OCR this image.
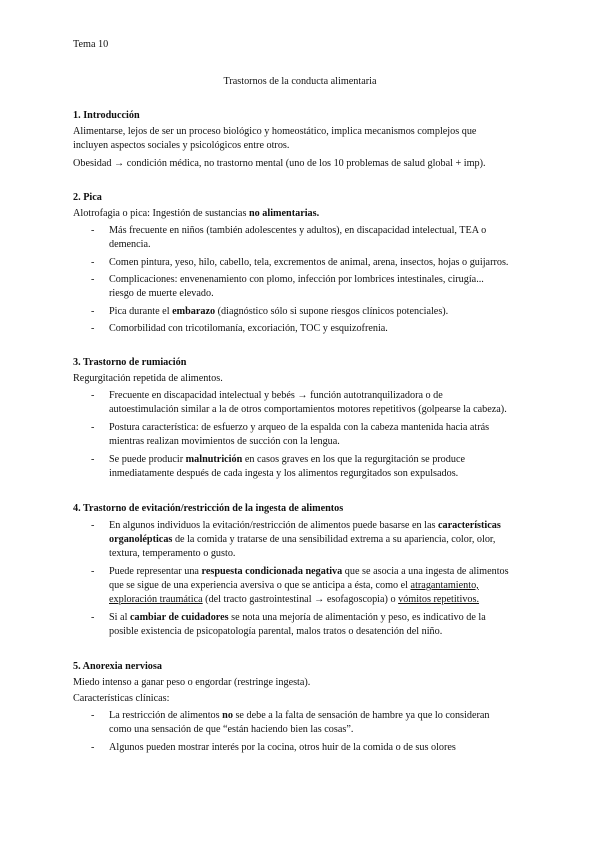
Tema 10
Trastornos de la conducta alimentaria
1. Introducción
Alimentarse, lejos de ser un proceso biológico y homeostático, implica mecanismos complejos que
incluyen aspectos sociales y psicológicos entre otros.
Obesidad → condición médica, no trastorno mental (uno de los 10 problemas de salud global + imp).
2. Pica
Alotrofagia o pica: Ingestión de sustancias no alimentarias.
- Más frecuente en niños (también adolescentes y adultos), en discapacidad intelectual, TEA o
demencia.
- Comen pintura, yeso, hilo, cabello, tela, excrementos de animal, arena, insectos, hojas o guijarros.
- Complicaciones: envenenamiento con plomo, infección por lombrices intestinales, cirugía...
riesgo de muerte elevado.
- Pica durante el embarazo (diagnóstico sólo si supone riesgos clínicos potenciales).
- Comorbilidad con tricotilomanía, excoriación, TOC y esquizofrenia.
3. Trastorno de rumiación
Regurgitación repetida de alimentos.
- Frecuente en discapacidad intelectual y bebés → función autotranquilizadora o de
autoestimulación similar a la de otros comportamientos motores repetitivos (golpearse la cabeza).
- Postura característica: de esfuerzo y arqueo de la espalda con la cabeza mantenida hacia atrás
mientras realizan movimientos de succión con la lengua.
- Se puede producir malnutrición en casos graves en los que la regurgitación se produce
inmediatamente después de cada ingesta y los alimentos regurgitados son expulsados.
4. Trastorno de evitación/restricción de la ingesta de alimentos
- En algunos individuos la evitación/restricción de alimentos puede basarse en las características
organolépticas de la comida y tratarse de una sensibilidad extrema a su apariencia, color, olor,
textura, temperamento o gusto.
- Puede representar una respuesta condicionada negativa que se asocia a una ingesta de alimentos
que se sigue de una experiencia aversiva o que se anticipa a ésta, como el atragantamiento,
exploración traumática (del tracto gastrointestinal → esofagoscopia) o vómitos repetitivos.
- Si al cambiar de cuidadores se nota una mejoría de alimentación y peso, es indicativo de la
posible existencia de psicopatología parental, malos tratos o desatención del niño.
5. Anorexia nerviosa
Miedo intenso a ganar peso o engordar (restringe ingesta).
Características clínicas:
- La restricción de alimentos no se debe a la falta de sensación de hambre ya que lo consideran
como una sensación de que “están haciendo bien las cosas”.
- Algunos pueden mostrar interés por la cocina, otros huir de la comida o de sus olores
